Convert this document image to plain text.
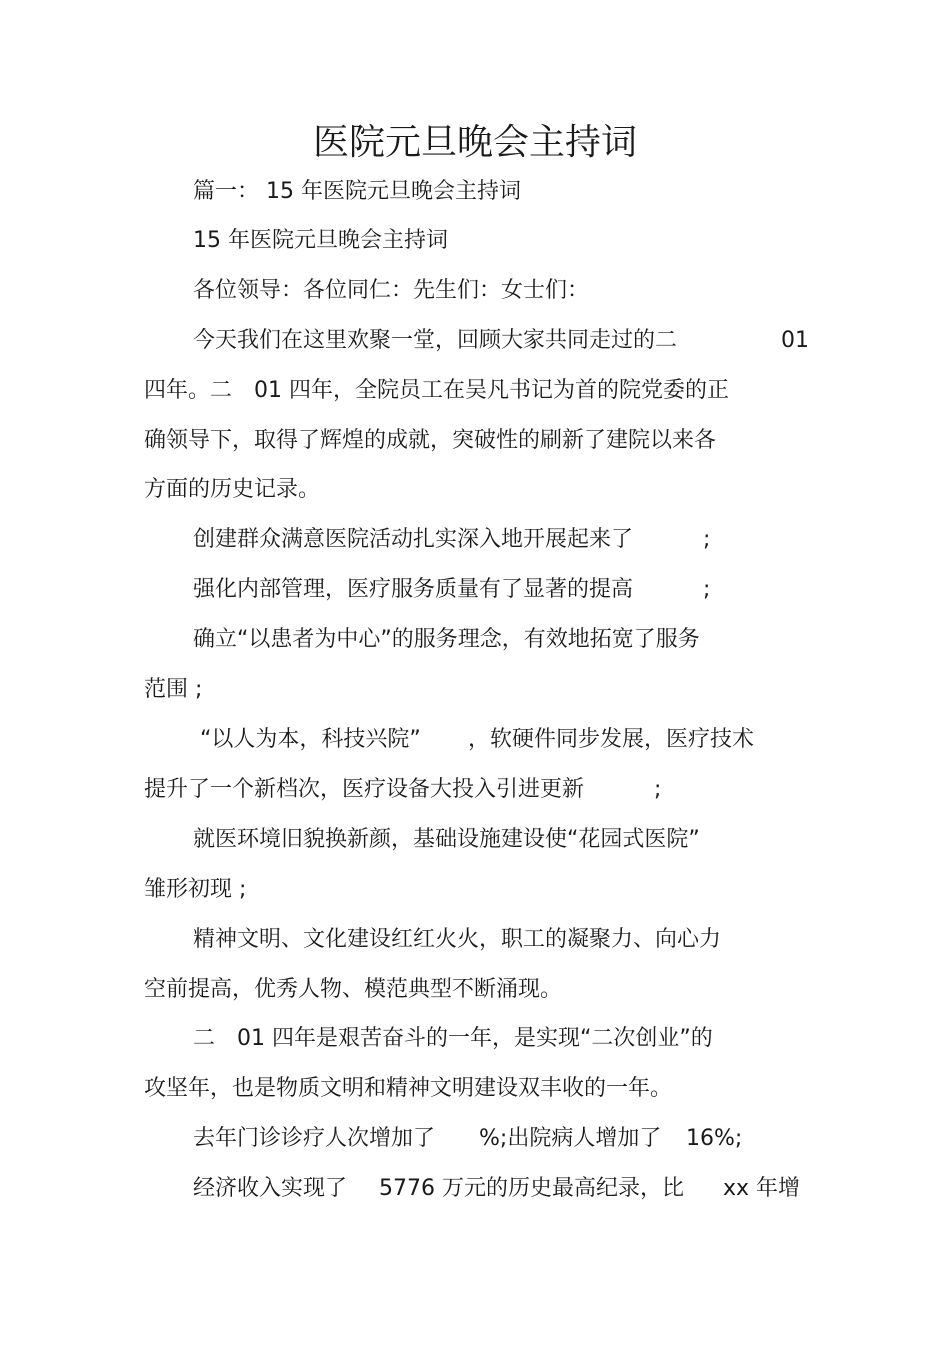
医院元旦晚会主持词
篇一： 15 年医院元旦晚会主持词
15 年医院元旦晚会主持词
各位领导：各位同仁：先生们：女士们：
今天我们在这里欢聚一堂，回顾大家共同走过的二	01
四年。二　01 四年，全院员工在吴凡书记为首的院党委的正
确领导下，取得了辉煌的成就，突破性的刷新了建院以来各
方面的历史记录。
创建群众满意医院活动扎实深入地开展起来了	;
强化内部管理，医疗服务质量有了显著的提高	;
确立“以患者为中心”的服务理念，有效地拓宽了服务
范围 ;
“以人为本，科技兴院” ，软硬件同步发展，医疗技术
提升了一个新档次，医疗设备大投入引进更新	;
就医环境旧貌换新颜，基础设施建设使“花园式医院”
雏形初现 ;
精神文明、文化建设红红火火，职工的凝聚力、向心力
空前提高，优秀人物、模范典型不断涌现。
二　01 四年是艰苦奋斗的一年，是实现“二次创业”的
攻坚年，也是物质文明和精神文明建设双丰收的一年。
去年门诊诊疗人次增加了 %;出院病人增加了 16%;
经济收入实现了 5776 万元的历史最高纪录，比 xx 年增
